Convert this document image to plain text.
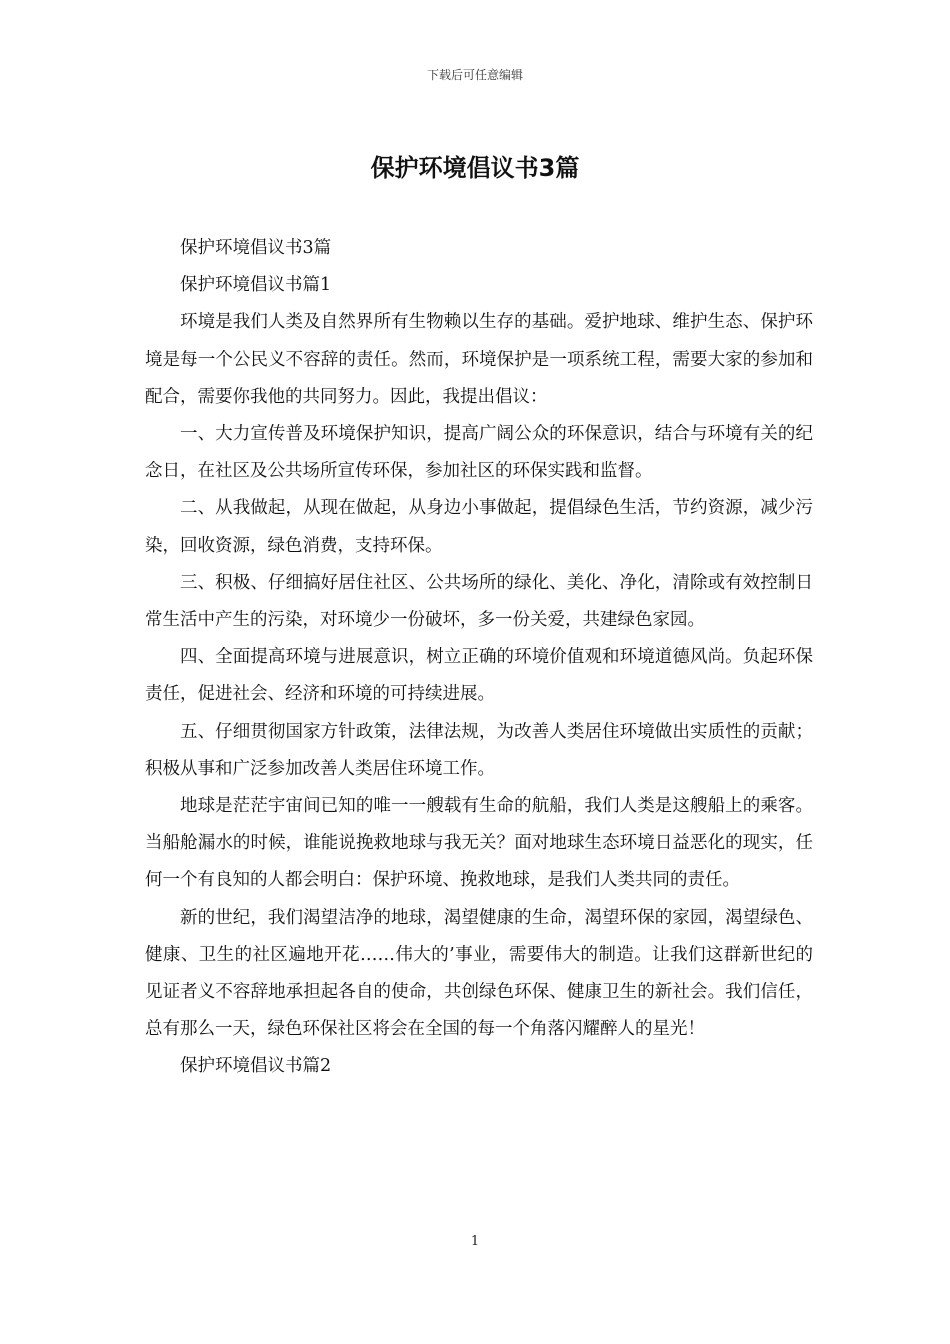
下载后可任意编辑
保护环境倡议书3篇

保护环境倡议书3篇

保护环境倡议书篇1

环境是我们人类及自然界所有生物赖以生存的基础。爱护地球、维护生态、保护环境是每一个公民义不容辞的责任。然而，环境保护是一项系统工程，需要大家的参加和配合，需要你我他的共同努力。因此，我提出倡议：

一、大力宣传普及环境保护知识，提高广阔公众的环保意识，结合与环境有关的纪念日，在社区及公共场所宣传环保，参加社区的环保实践和监督。

二、从我做起，从现在做起，从身边小事做起，提倡绿色生活，节约资源，减少污染，回收资源，绿色消费，支持环保。

三、积极、仔细搞好居住社区、公共场所的绿化、美化、净化，清除或有效控制日常生活中产生的污染，对环境少一份破坏，多一份关爱，共建绿色家园。

四、全面提高环境与进展意识，树立正确的环境价值观和环境道德风尚。负起环保责任，促进社会、经济和环境的可持续进展。

五、仔细贯彻国家方针政策，法律法规，为改善人类居住环境做出实质性的贡献；积极从事和广泛参加改善人类居住环境工作。

地球是茫茫宇宙间已知的唯一一艘载有生命的航船，我们人类是这艘船上的乘客。当船舱漏水的时候，谁能说挽救地球与我无关？面对地球生态环境日益恶化的现实，任何一个有良知的人都会明白：保护环境、挽救地球，是我们人类共同的责任。

新的世纪，我们渴望洁净的地球，渴望健康的生命，渴望环保的家园，渴望绿色、健康、卫生的社区遍地开花……伟大的’事业，需要伟大的制造。让我们这群新世纪的见证者义不容辞地承担起各自的使命，共创绿色环保、健康卫生的新社会。我们信任，总有那么一天，绿色环保社区将会在全国的每一个角落闪耀醉人的星光！

保护环境倡议书篇2

1
